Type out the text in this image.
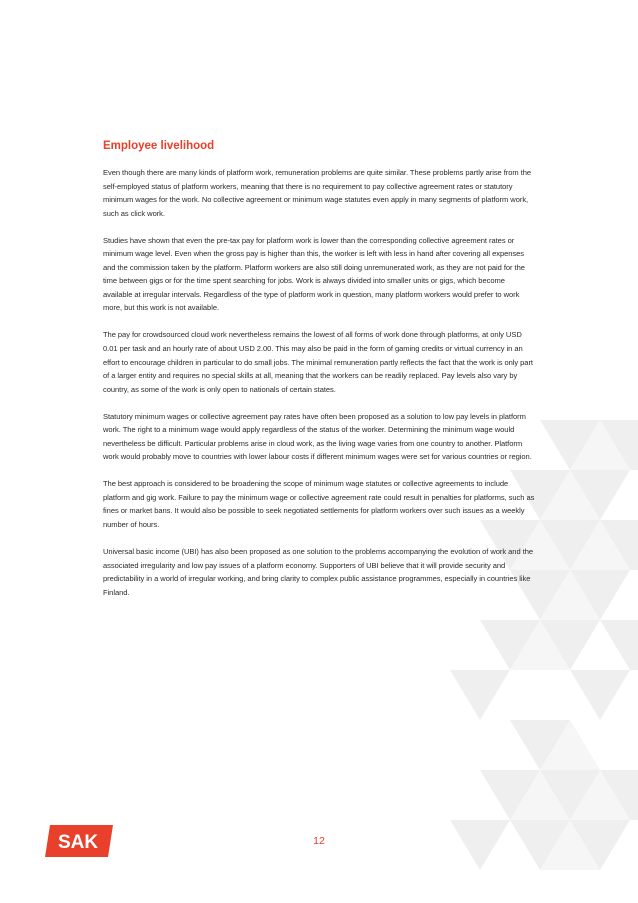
Employee livelihood

Even though there are many kinds of platform work, remuneration problems are quite similar. These problems partly arise from the self-employed status of platform workers, meaning that there is no requirement to pay collective agreement rates or statutory minimum wages for the work. No collective agreement or minimum wage statutes even apply in many segments of platform work, such as click work.

Studies have shown that even the pre-tax pay for platform work is lower than the corresponding collective agreement rates or minimum wage level. Even when the gross pay is higher than this, the worker is left with less in hand after covering all expenses and the commission taken by the platform. Platform workers are also still doing unremunerated work, as they are not paid for the time between gigs or for the time spent searching for jobs. Work is always divided into smaller units or gigs, which become available at irregular intervals. Regardless of the type of platform work in question, many platform workers would prefer to work more, but this work is not available.

The pay for crowdsourced cloud work nevertheless remains the lowest of all forms of work done through platforms, at only USD 0.01 per task and an hourly rate of about USD 2.00. This may also be paid in the form of gaming credits or virtual currency in an effort to encourage children in particular to do small jobs. The minimal remuneration partly reflects the fact that the work is only part of a larger entity and requires no special skills at all, meaning that the workers can be readily replaced. Pay levels also vary by country, as some of the work is only open to nationals of certain states.

Statutory minimum wages or collective agreement pay rates have often been proposed as a solution to low pay levels in platform work. The right to a minimum wage would apply regardless of the status of the worker. Determining the minimum wage would nevertheless be difficult. Particular problems arise in cloud work, as the living wage varies from one country to another. Platform work would probably move to countries with lower labour costs if different minimum wages were set for various countries or region.

The best approach is considered to be broadening the scope of minimum wage statutes or collective agreements to include platform and gig work. Failure to pay the minimum wage or collective agreement rate could result in penalties for platforms, such as fines or market bans. It would also be possible to seek negotiated settlements for platform workers over such issues as a weekly number of hours.

Universal basic income (UBI) has also been proposed as one solution to the problems accompanying the evolution of work and the associated irregularity and low pay issues of a platform economy. Supporters of UBI believe that it will provide security and predictability in a world of irregular working, and bring clarity to complex public assistance programmes, especially in countries like Finland.

SAK	12
